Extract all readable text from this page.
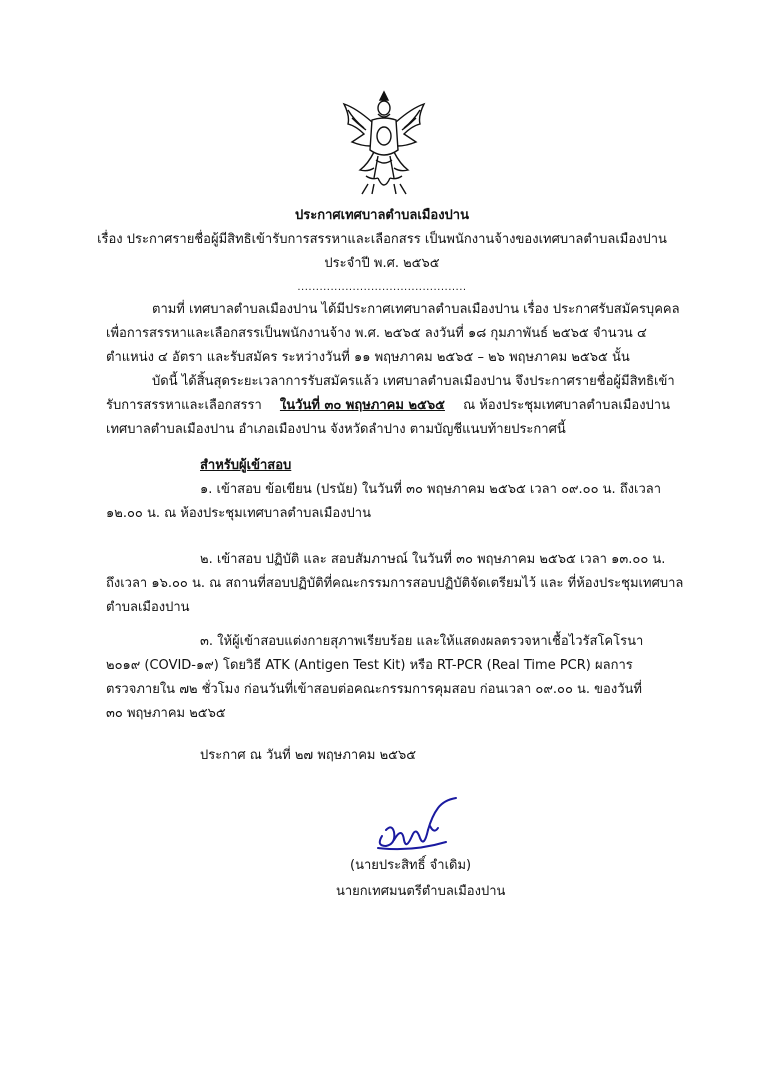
ประกาศเทศบาลตำบลเมืองปาน
เรื่อง ประกาศรายชื่อผู้มีสิทธิเข้ารับการสรรหาและเลือกสรร เป็นพนักงานจ้างของเทศบาลตำบลเมืองปาน
ประจำปี พ.ศ. ๒๕๖๕
..............................................
ตามที่ เทศบาลตำบลเมืองปาน ได้มีประกาศเทศบาลตำบลเมืองปาน เรื่อง ประกาศรับสมัครบุคคล
เพื่อการสรรหาและเลือกสรรเป็นพนักงานจ้าง พ.ศ. ๒๕๖๕ ลงวันที่ ๑๘ กุมภาพันธ์ ๒๕๖๕ จำนวน ๔
ตำแหน่ง ๔ อัตรา และรับสมัคร ระหว่างวันที่ ๑๑ พฤษภาคม ๒๕๖๕ – ๒๖ พฤษภาคม ๒๕๖๕ นั้น
บัดนี้ ได้สิ้นสุดระยะเวลาการรับสมัครแล้ว เทศบาลตำบลเมืองปาน จึงประกาศรายชื่อผู้มีสิทธิเข้า
รับการสรรหาและเลือกสรรา ในวันที่ ๓๐ พฤษภาคม ๒๕๖๕ ณ ห้องประชุมเทศบาลตำบลเมืองปาน
เทศบาลตำบลเมืองปาน อำเภอเมืองปาน จังหวัดลำปาง ตามบัญชีแนบท้ายประกาศนี้
สำหรับผู้เข้าสอบ
๑. เข้าสอบ ข้อเขียน (ปรนัย) ในวันที่ ๓๐ พฤษภาคม ๒๕๖๕ เวลา ๐๙.๐๐ น. ถึงเวลา
๑๒.๐๐ น. ณ ห้องประชุมเทศบาลตำบลเมืองปาน
๒. เข้าสอบ ปฏิบัติ และ สอบสัมภาษณ์ ในวันที่ ๓๐ พฤษภาคม ๒๕๖๕ เวลา ๑๓.๐๐ น.
ถึงเวลา ๑๖.๐๐ น. ณ สถานที่สอบปฏิบัติที่คณะกรรมการสอบปฏิบัติจัดเตรียมไว้ และ ที่ห้องประชุมเทศบาล
ตำบลเมืองปาน
๓. ให้ผู้เข้าสอบแต่งกายสุภาพเรียบร้อย และให้แสดงผลตรวจหาเชื้อไวรัสโคโรนา
๒๐๑๙ (COVID-๑๙) โดยวิธี ATK (Antigen Test Kit) หรือ RT-PCR (Real Time PCR) ผลการ
ตรวจภายใน ๗๒ ชั่วโมง ก่อนวันที่เข้าสอบต่อคณะกรรมการคุมสอบ ก่อนเวลา ๐๙.๐๐ น. ของวันที่
๓๐ พฤษภาคม ๒๕๖๕
ประกาศ ณ วันที่ ๒๗ พฤษภาคม ๒๕๖๕
(นายประสิทธิ์ จำเดิม)
นายกเทศมนตรีตำบลเมืองปาน
